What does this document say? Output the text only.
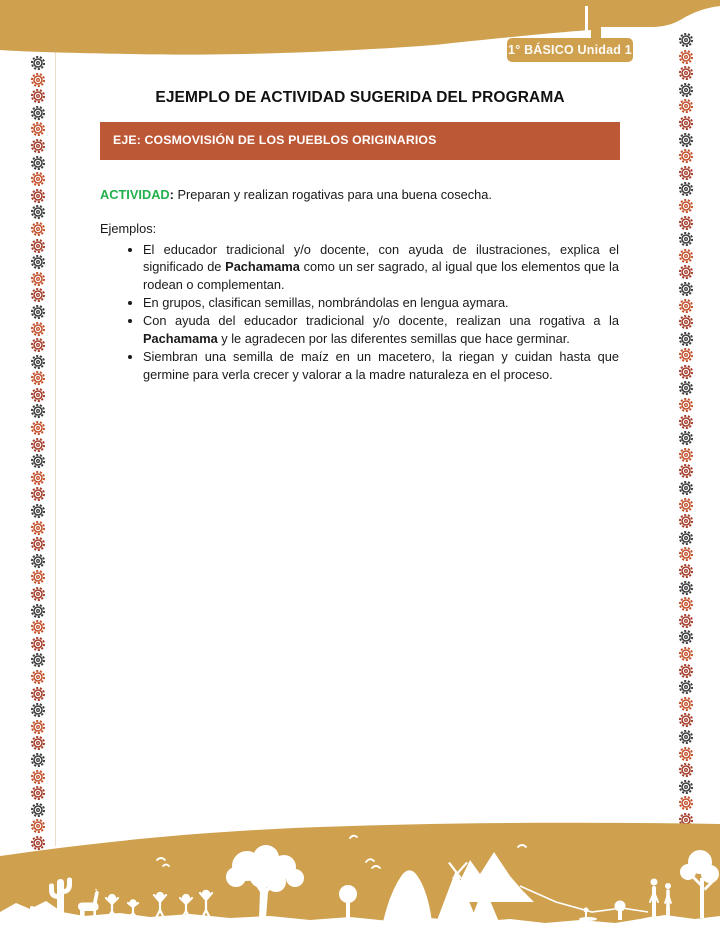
1° BÁSICO Unidad 1
EJEMPLO DE ACTIVIDAD SUGERIDA DEL PROGRAMA
EJE: COSMOVISIÓN DE LOS PUEBLOS ORIGINARIOS

ACTIVIDAD: Preparan y realizan rogativas para una buena cosecha.

Ejemplos:

• El educador tradicional y/o docente, con ayuda de ilustraciones, explica el significado de Pachamama como un ser sagrado, al igual que los elementos que la rodean o complementan.
• En grupos, clasifican semillas, nombrándolas en lengua aymara.
• Con ayuda del educador tradicional y/o docente, realizan una rogativa a la Pachamama y le agradecen por las diferentes semillas que hace germinar.
• Siembran una semilla de maíz en un macetero, la riegan y cuidan hasta que germine para verla crecer y valorar a la madre naturaleza en el proceso.
